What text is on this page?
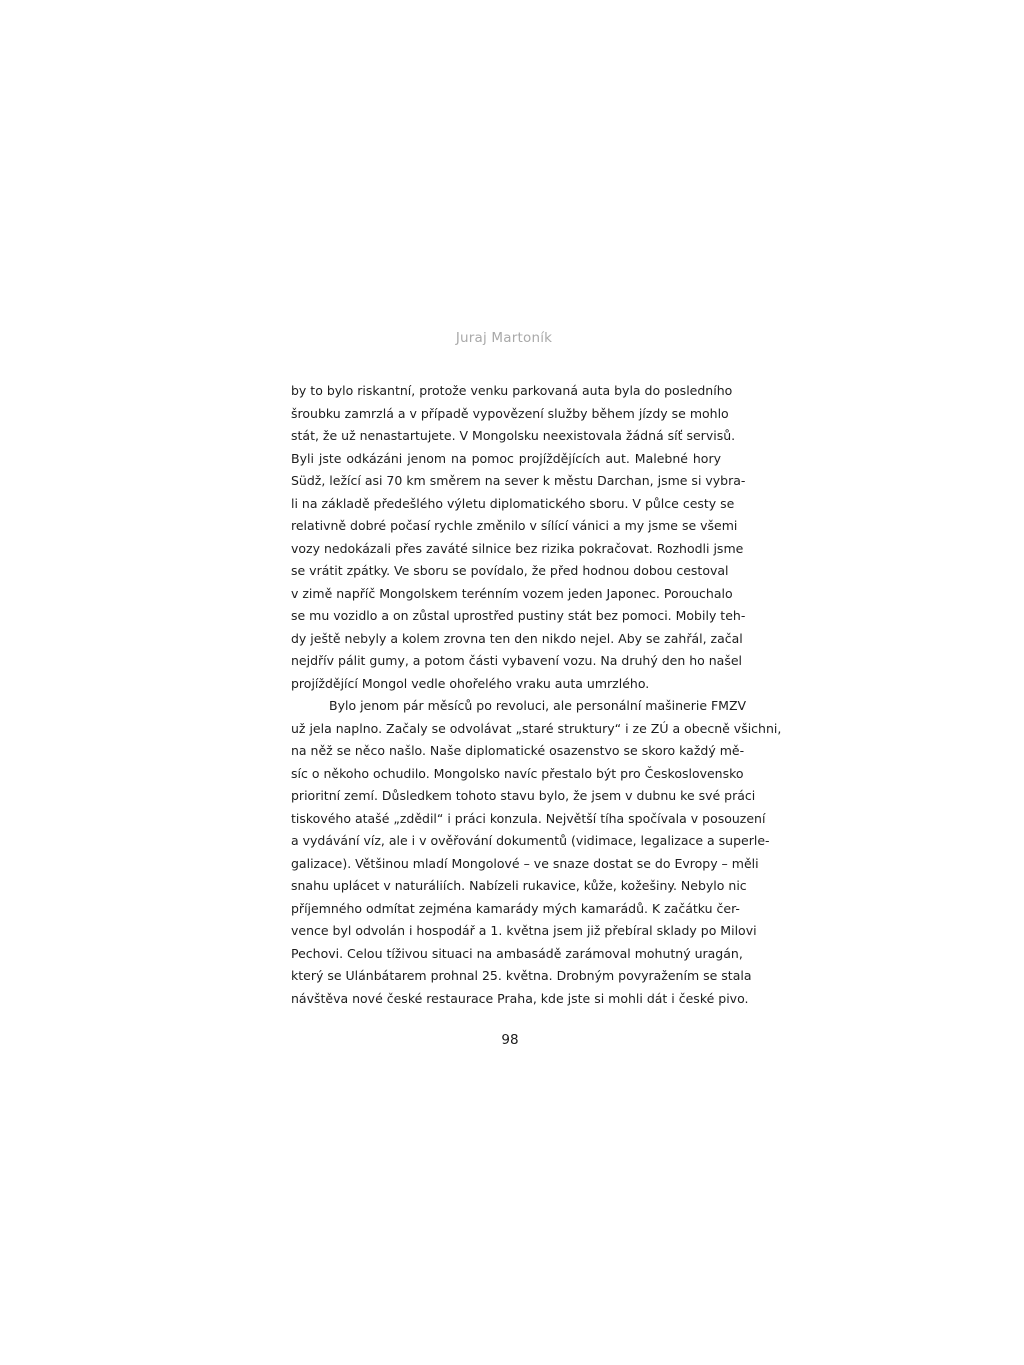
Juraj Martoník
by to bylo riskantní, protože venku parkovaná auta byla do posledního
šroubku zamrzlá a v případě vypovězení služby během jízdy se mohlo
stát, že už nenastartujete. V Mongolsku neexistovala žádná síť servisů.
Byli jste odkázáni jenom na pomoc projíždějících aut. Malebné hory
Südž, ležící asi 70 km směrem na sever k městu Darchan, jsme si vybra-
li na základě předešlého výletu diplomatického sboru. V půlce cesty se
relativně dobré počasí rychle změnilo v sílící vánici a my jsme se všemi
vozy nedokázali přes zaváté silnice bez rizika pokračovat. Rozhodli jsme
se vrátit zpátky. Ve sboru se povídalo, že před hodnou dobou cestoval
v zimě napříč Mongolskem terénním vozem jeden Japonec. Porouchalo
se mu vozidlo a on zůstal uprostřed pustiny stát bez pomoci. Mobily teh-
dy ještě nebyly a kolem zrovna ten den nikdo nejel. Aby se zahřál, začal
nejdřív pálit gumy, a potom části vybavení vozu. Na druhý den ho našel
projíždějící Mongol vedle ohořelého vraku auta umrzlého.
Bylo jenom pár měsíců po revoluci, ale personální mašinerie FMZV
už jela naplno. Začaly se odvolávat „staré struktury“ i ze ZÚ a obecně všichni,
na něž se něco našlo. Naše diplomatické osazenstvo se skoro každý mě-
síc o někoho ochudilo. Mongolsko navíc přestalo být pro Československo
prioritní zemí. Důsledkem tohoto stavu bylo, že jsem v dubnu ke své práci
tiskového atašé „zdědil“ i práci konzula. Největší tíha spočívala v posouzení
a vydávání víz, ale i v ověřování dokumentů (vidimace, legalizace a superle-
galizace). Většinou mladí Mongolové – ve snaze dostat se do Evropy – měli
snahu uplácet v naturáliích. Nabízeli rukavice, kůže, kožešiny. Nebylo nic
příjemného odmítat zejména kamarády mých kamarádů. K začátku čer-
vence byl odvolán i hospodář a 1. května jsem již přebíral sklady po Milovi
Pechovi. Celou tíživou situaci na ambasádě zarámoval mohutný uragán,
který se Ulánbátarem prohnal 25. května. Drobným povyražením se stala
návštěva nové české restaurace Praha, kde jste si mohli dát i české pivo.
98
